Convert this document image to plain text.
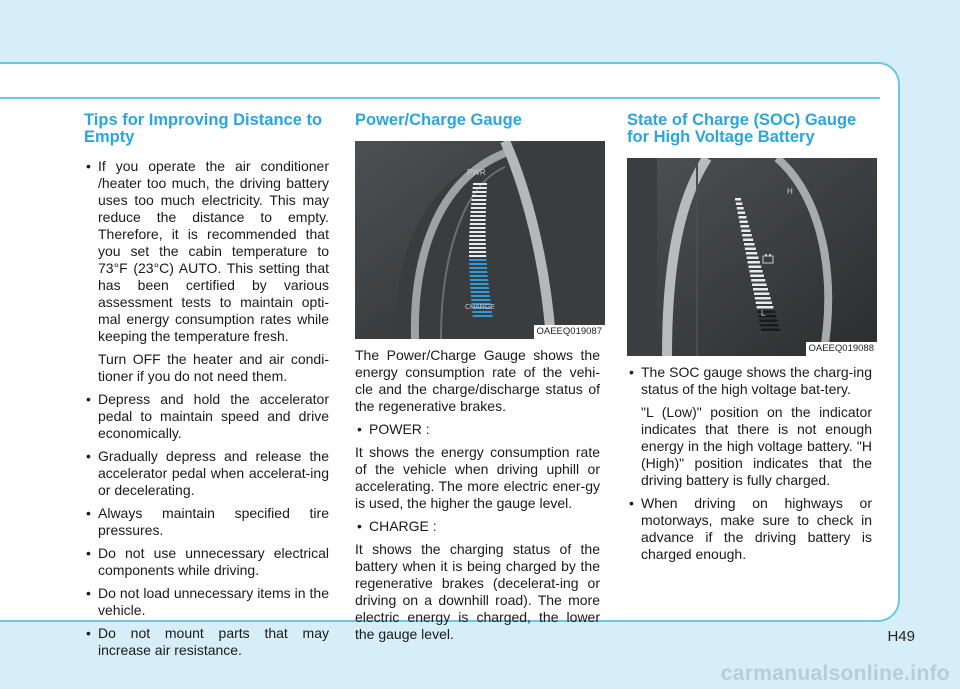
Tips for Improving Distance to Empty
• If you operate the air conditioner /heater too much, the driving battery uses too much electricity. This may reduce the distance to empty. Therefore, it is recommended that you set the cabin temperature to 73°F (23°C) AUTO. This setting that has been certified by various assessment tests to maintain opti-mal energy consumption rates while keeping the temperature fresh.

Turn OFF the heater and air condi-tioner if you do not need them.

• Depress and hold the accelerator pedal to maintain speed and drive economically.
• Gradually depress and release the accelerator pedal when accelerat-ing or decelerating.
• Always maintain specified tire pressures.
• Do not use unnecessary electrical components while driving.
• Do not load unnecessary items in the vehicle.
• Do not mount parts that may increase air resistance.
Power/Charge Gauge
PWR
CHARGE
OAEEQ019087

The Power/Charge Gauge shows the energy consumption rate of the vehi-cle and the charge/discharge status of the regenerative brakes.

• POWER :

It shows the energy consumption rate of the vehicle when driving uphill or accelerating. The more electric ener-gy is used, the higher the gauge level.

• CHARGE :

It shows the charging status of the battery when it is being charged by the regenerative brakes (decelerat-ing or driving on a downhill road). The more electric energy is charged, the lower the gauge level.

State of Charge (SOC) Gauge for High Voltage Battery
H
L
OAEEQ019088
• The SOC gauge shows the charg-ing status of the high voltage bat-tery.

"L (Low)" position on the indicator indicates that there is not enough energy in the high voltage battery. "H (High)" position indicates that the driving battery is fully charged.

• When driving on highways or motorways, make sure to check in advance if the driving battery is charged enough.
H49
carmanualsonline.info
